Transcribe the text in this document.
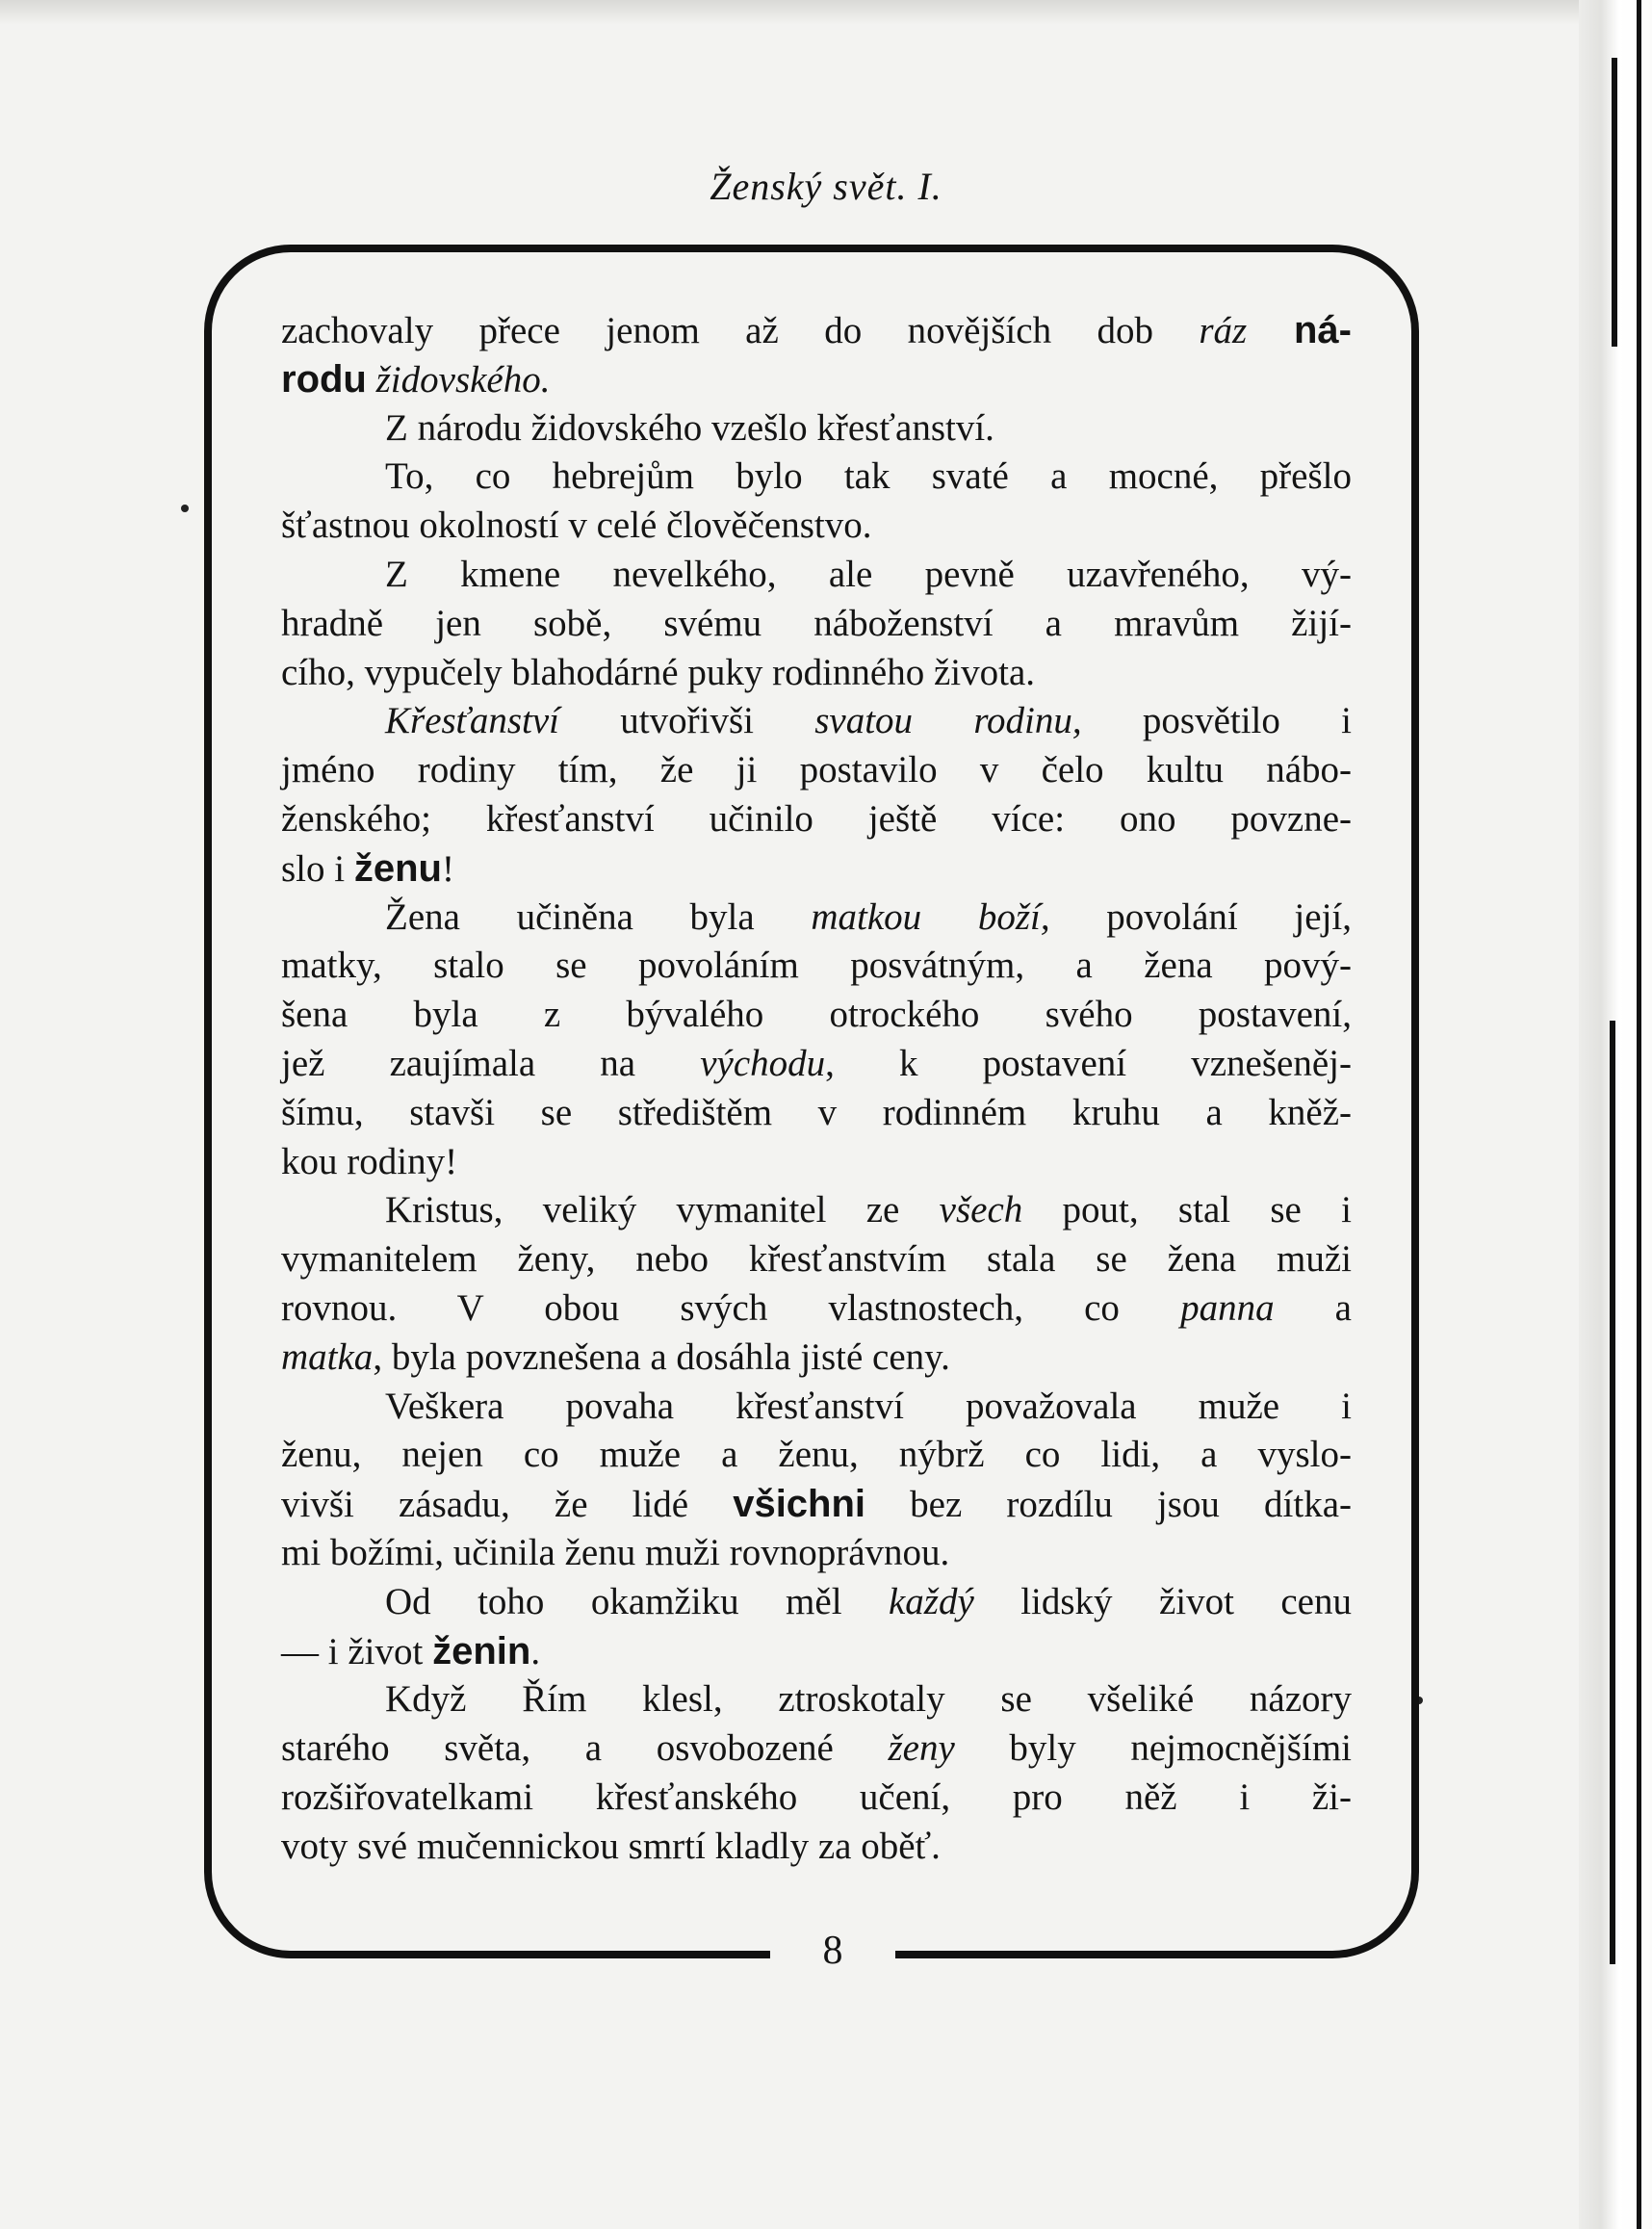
Ženský svět. I.
8
zachovaly přece jenom až do novějších dob ráz ná-
rodu židovského.
Z národu židovského vzešlo křesťanství.
To, co hebrejům bylo tak svaté a mocné, přešlo
šťastnou okolností v celé člověčenstvo.
Z kmene nevelkého, ale pevně uzavřeného, vý-
hradně jen sobě, svému náboženství a mravům žijí-
cího, vypučely blahodárné puky rodinného života.
Křesťanství utvořivši svatou rodinu, posvětilo i
jméno rodiny tím, že ji postavilo v čelo kultu nábo-
ženského; křesťanství učinilo ještě více: ono povzne-
slo i ženu!
Žena učiněna byla matkou boží, povolání její,
matky, stalo se povoláním posvátným, a žena pový-
šena byla z bývalého otrockého svého postavení,
jež zaujímala na východu, k postavení vznešeněj-
šímu, stavši se středištěm v rodinném kruhu a kněž-
kou rodiny!
Kristus, veliký vymanitel ze všech pout, stal se i
vymanitelem ženy, nebo křesťanstvím stala se žena muži
rovnou. V obou svých vlastnostech, co panna a
matka, byla povznešena a dosáhla jisté ceny.
Veškera povaha křesťanství považovala muže i
ženu, nejen co muže a ženu, nýbrž co lidi, a vyslo-
vivši zásadu, že lidé všichni bez rozdílu jsou dítka-
mi božími, učinila ženu muži rovnoprávnou.
Od toho okamžiku měl každý lidský život cenu
— i život ženin.
Když Řím klesl, ztroskotaly se všeliké názory
starého světa, a osvobozené ženy byly nejmocnějšími
rozšiřovatelkami křesťanského učení, pro něž i ži-
voty své mučennickou smrtí kladly za oběť.
